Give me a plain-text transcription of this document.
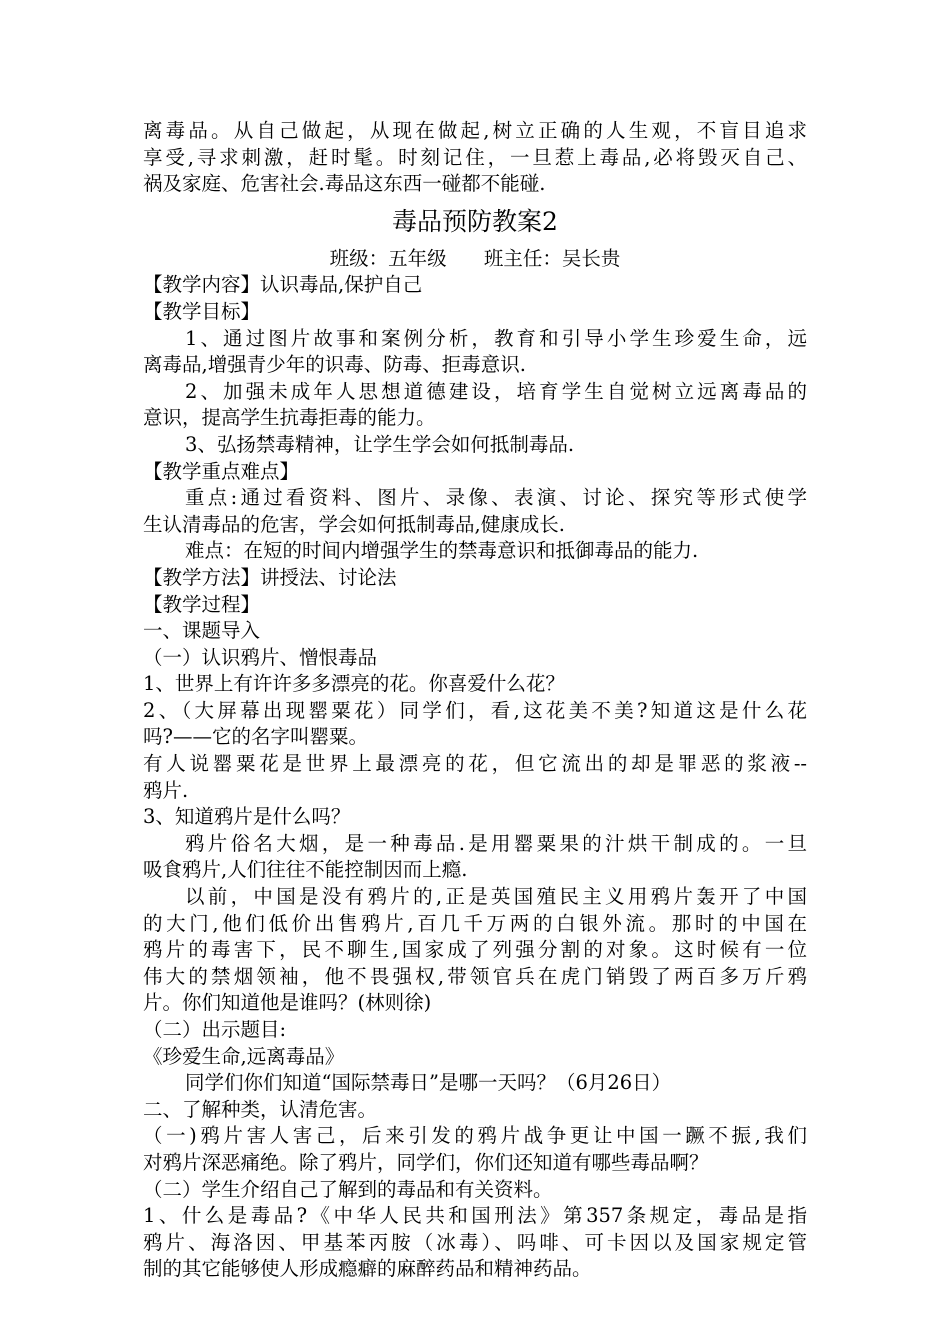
离毒品。从自己做起，从现在做起,树立正确的人生观，不盲目追求
享受,寻求刺激，赶时髦。时刻记住，一旦惹上毒品,必将毁灭自己、
祸及家庭、危害社会.毒品这东西一碰都不能碰.
毒品预防教案2
班级：五年级      班主任：吴长贵
【教学内容】认识毒品,保护自己
【教学目标】
1、通过图片故事和案例分析，教育和引导小学生珍爱生命，远
离毒品,增强青少年的识毒、防毒、拒毒意识.
2、加强未成年人思想道德建设，培育学生自觉树立远离毒品的
意识，提高学生抗毒拒毒的能力。
3、弘扬禁毒精神，让学生学会如何抵制毒品.
【教学重点难点】
重点:通过看资料、图片、录像、表演、讨论、探究等形式使学
生认清毒品的危害，学会如何抵制毒品,健康成长.
难点：在短的时间内增强学生的禁毒意识和抵御毒品的能力.
【教学方法】讲授法、讨论法
【教学过程】
一、课题导入
（一）认识鸦片、憎恨毒品
1、世界上有许许多多漂亮的花。你喜爱什么花？
2、（大屏幕出现罂粟花）同学们，看,这花美不美?知道这是什么花
吗?——它的名字叫罂粟。
有人说罂粟花是世界上最漂亮的花，但它流出的却是罪恶的浆液--
鸦片.
3、知道鸦片是什么吗？
鸦片俗名大烟，是一种毒品.是用罂粟果的汁烘干制成的。一旦
吸食鸦片,人们往往不能控制因而上瘾.
以前，中国是没有鸦片的,正是英国殖民主义用鸦片轰开了中国
的大门,他们低价出售鸦片,百几千万两的白银外流。那时的中国在
鸦片的毒害下，民不聊生,国家成了列强分割的对象。这时候有一位
伟大的禁烟领袖，他不畏强权,带领官兵在虎门销毁了两百多万斤鸦
片。你们知道他是谁吗？(林则徐)
（二）出示题目:
《珍爱生命,远离毒品》
同学们你们知道“国际禁毒日”是哪一天吗？（6月26日）
二、了解种类，认清危害。
（一)鸦片害人害己，后来引发的鸦片战争更让中国一蹶不振,我们
对鸦片深恶痛绝。除了鸦片，同学们，你们还知道有哪些毒品啊？
（二）学生介绍自己了解到的毒品和有关资料。
1、什么是毒品?《中华人民共和国刑法》第357条规定，毒品是指
鸦片、海洛因、甲基苯丙胺（冰毒）、吗啡、可卡因以及国家规定管
制的其它能够使人形成瘾癖的麻醉药品和精神药品。
